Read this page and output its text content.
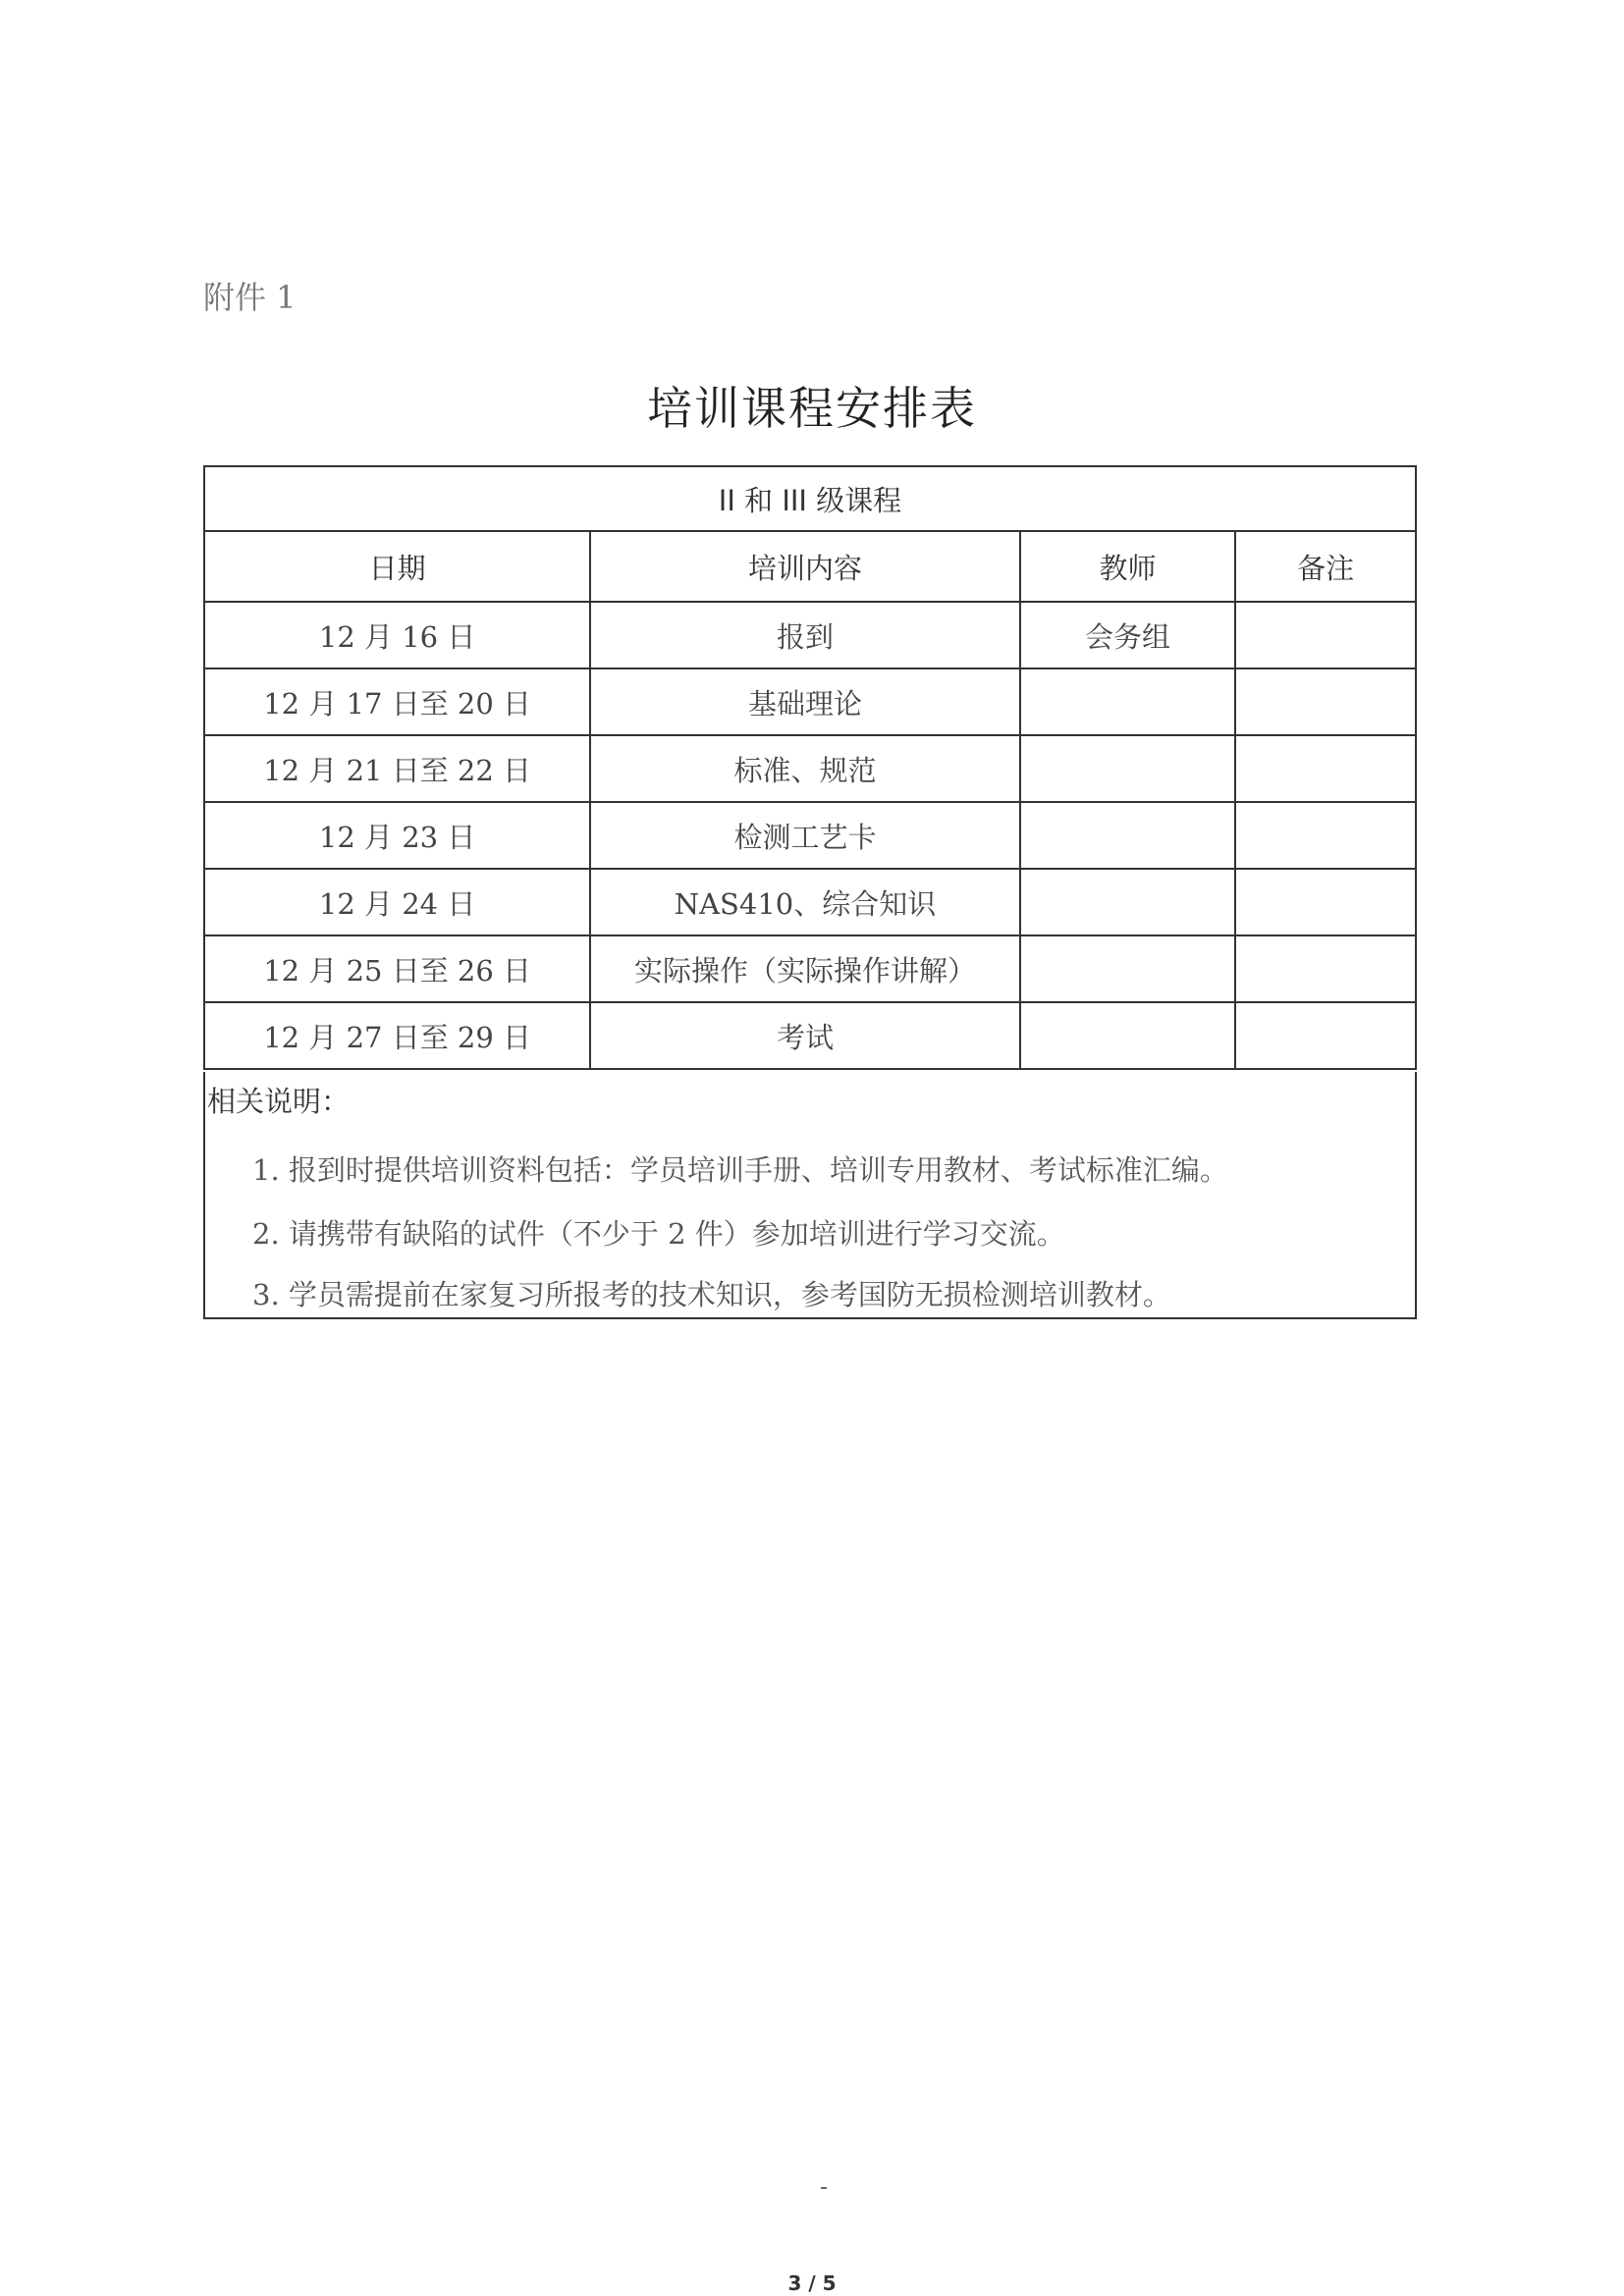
附件 1
培训课程安排表
II 和 III 级课程			
日期	培训内容	教师	备注
12 月 16 日	报到	会务组	
12 月 17 日至 20 日	基础理论		
12 月 21 日至 22 日	标准、规范		
12 月 23 日	检测工艺卡		
12 月 24 日	NAS410、综合知识		
12 月 25 日至 26 日	实际操作（实际操作讲解）		
12 月 27 日至 29 日	考试		
相关说明：
1. 报到时提供培训资料包括：学员培训手册、培训专用教材、考试标准汇编。
2. 请携带有缺陷的试件（不少于 2 件）参加培训进行学习交流。
3. 学员需提前在家复习所报考的技术知识，参考国防无损检测培训教材。
3 / 5
